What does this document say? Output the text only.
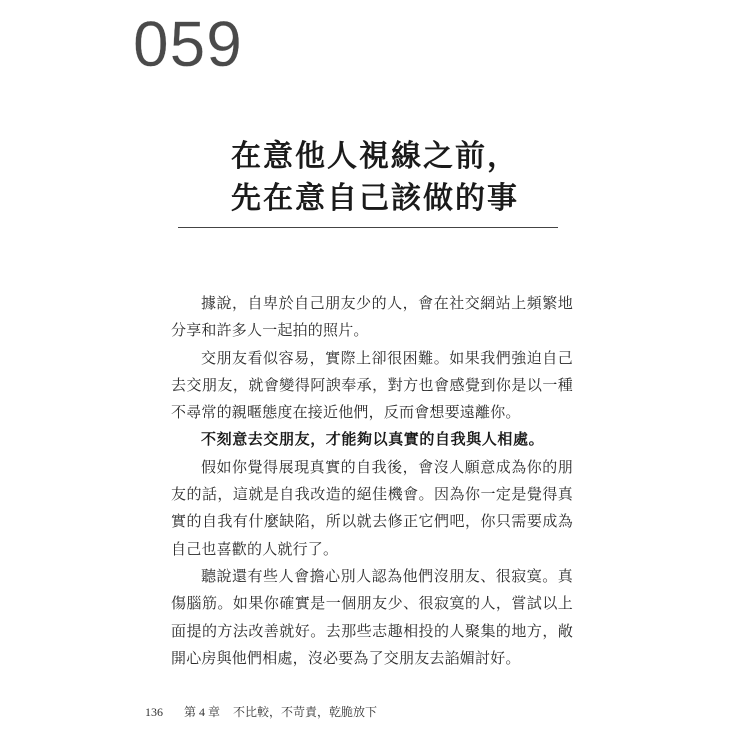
059
在意他人視線之前，
先在意自己該做的事

據說，自卑於自己朋友少的人，會在社交網站上頻繁地分享和許多人一起拍的照片。

交朋友看似容易，實際上卻很困難。如果我們強迫自己去交朋友，就會變得阿諛奉承，對方也會感覺到你是以一種不尋常的親暱態度在接近他們，反而會想要遠離你。

不刻意去交朋友，才能夠以真實的自我與人相處。

假如你覺得展現真實的自我後，會沒人願意成為你的朋友的話，這就是自我改造的絕佳機會。因為你一定是覺得真實的自我有什麼缺陷，所以就去修正它們吧，你只需要成為自己也喜歡的人就行了。

聽說還有些人會擔心別人認為他們沒朋友、很寂寞。真傷腦筋。如果你確實是一個朋友少、很寂寞的人，嘗試以上面提的方法改善就好。去那些志趣相投的人聚集的地方，敞開心房與他們相處，沒必要為了交朋友去諂媚討好。

136 第 4 章 不比較，不苛責，乾脆放下
